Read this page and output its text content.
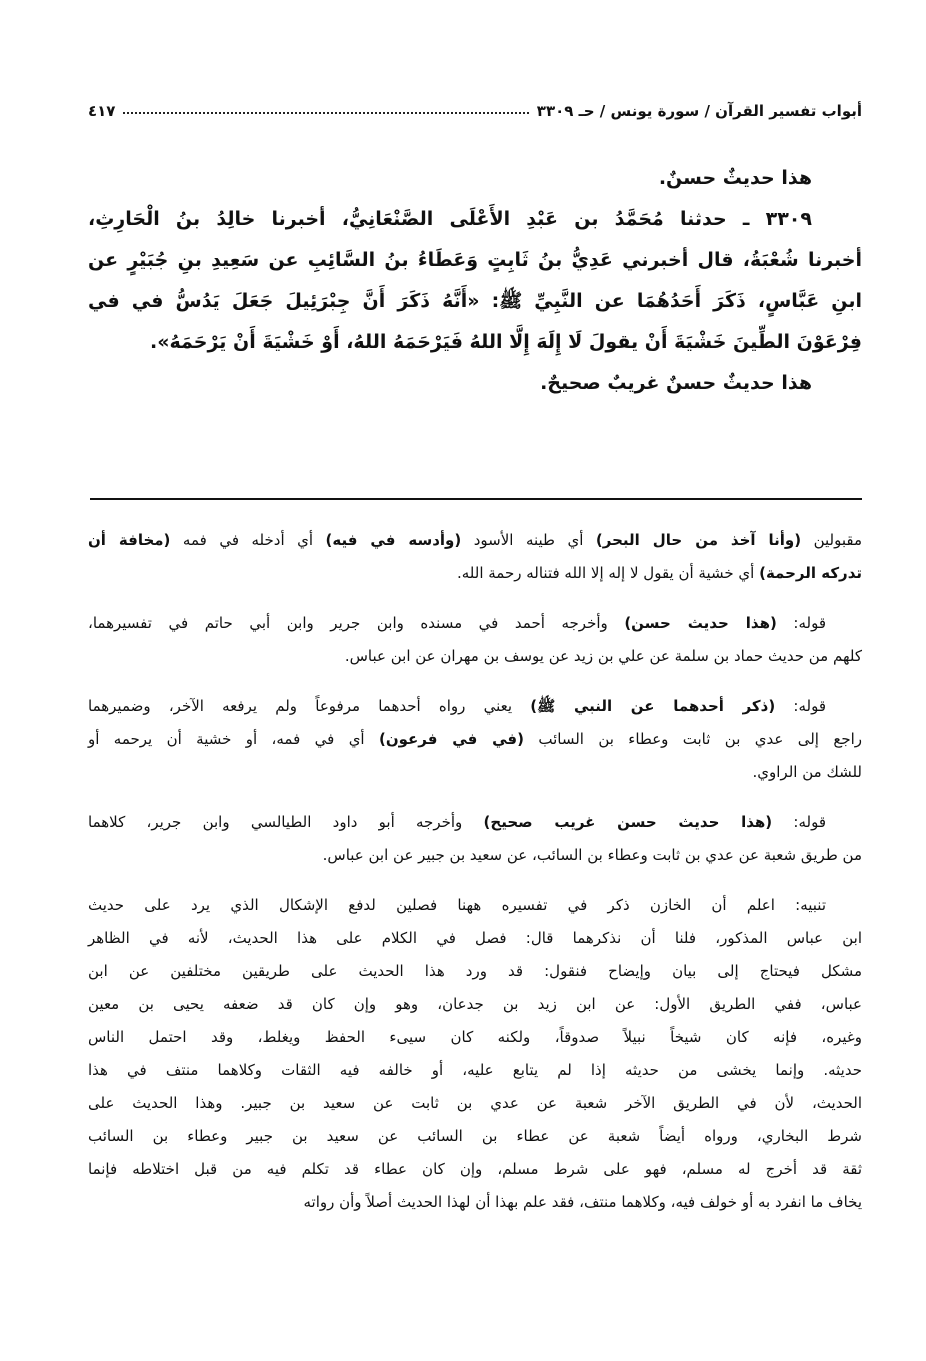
أبواب تفسير القرآن / سورة يونس / حـ ٣٣٠٩
٤١٧
هذا حديثٌ حسنٌ.
٣٣٠٩ ـ حدثنا مُحَمَّدُ بن عَبْدِ الأَعْلَى الصَّنْعَانِيُّ، أخبرنا خالِدُ بنُ الْحَارِثِ،
أخبرنا شُعْبَةُ، قال أخبرني عَدِيُّ بنُ ثَابِتٍ وَعَطَاءُ بنُ السَّائِبِ عن سَعِيدِ بنِ جُبَيْرٍ عن
ابنِ عَبَّاسٍ، ذَكَرَ أَحَدُهُمَا عن النَّبِيِّ ﷺ: «أَنَّهُ ذَكَرَ أَنَّ جِبْرَئِيلَ جَعَلَ يَدُسُّ في في
فِرْعَوْنَ الطِّينَ خَشْيَةَ أَنْ يقولَ لَا إِلَهَ إِلَّا اللهُ فَيَرْحَمَهُ اللهُ، أَوْ خَشْيَةَ أَنْ يَرْحَمَهُ».
هذا حديثٌ حسنٌ غريبٌ صحيحٌ.
مقبولين (وأنا آخذ من حال البحر) أي طينه الأسود (وأدسه في فيه) أي أدخله في فمه (مخافة أن
تدركه الرحمة) أي خشية أن يقول لا إله إلا الله فتناله رحمة الله.
قوله: (هذا حديث حسن) وأخرجه أحمد في مسنده وابن جرير وابن أبي حاتم في تفسيرهما،
كلهم من حديث حماد بن سلمة عن علي بن زيد عن يوسف بن مهران عن ابن عباس.
قوله: (ذكر أحدهما عن النبي ﷺ) يعني رواه أحدهما مرفوعاً ولم يرفعه الآخر، وضميرهما
راجع إلى عدي بن ثابت وعطاء بن السائب (في في فرعون) أي في فمه، أو خشية أن يرحمه أو
للشك من الراوي.
قوله: (هذا حديث حسن غريب صحيح) وأخرجه أبو داود الطيالسي وابن جرير، كلاهما
من طريق شعبة عن عدي بن ثابت وعطاء بن السائب، عن سعيد بن جبير عن ابن عباس.
تنبيه: اعلم أن الخازن ذكر في تفسيره ههنا فصلين لدفع الإشكال الذي يرد على حديث
ابن عباس المذكور، فلنا أن نذكرهما قال: فصل في الكلام على هذا الحديث، لأنه في الظاهر
مشكل فيحتاج إلى بيان وإيضاح فنقول: قد ورد هذا الحديث على طريقين مختلفين عن ابن
عباس، ففي الطريق الأول: عن ابن زيد بن جدعان، وهو وإن كان قد ضعفه يحيى بن معين
وغيره، فإنه كان شيخاً نبيلاً صدوقاً، ولكنه كان سيىء الحفظ ويغلط، وقد احتمل الناس
حديثه. وإنما يخشى من حديثه إذا لم يتابع عليه، أو خالفه فيه الثقات وكلاهما منتف في هذا
الحديث، لأن في الطريق الآخر شعبة عن عدي بن ثابت عن سعيد بن جبير. وهذا الحديث على
شرط البخاري، ورواه أيضاً شعبة عن عطاء بن السائب عن سعيد بن جبير وعطاء بن السائب
ثقة قد أخرج له مسلم، فهو على شرط مسلم، وإن كان عطاء قد تكلم فيه من قبل اختلاطه فإنما
يخاف ما انفرد به أو خولف فيه، وكلاهما منتف، فقد علم بهذا أن لهذا الحديث أصلاً وأن رواته
